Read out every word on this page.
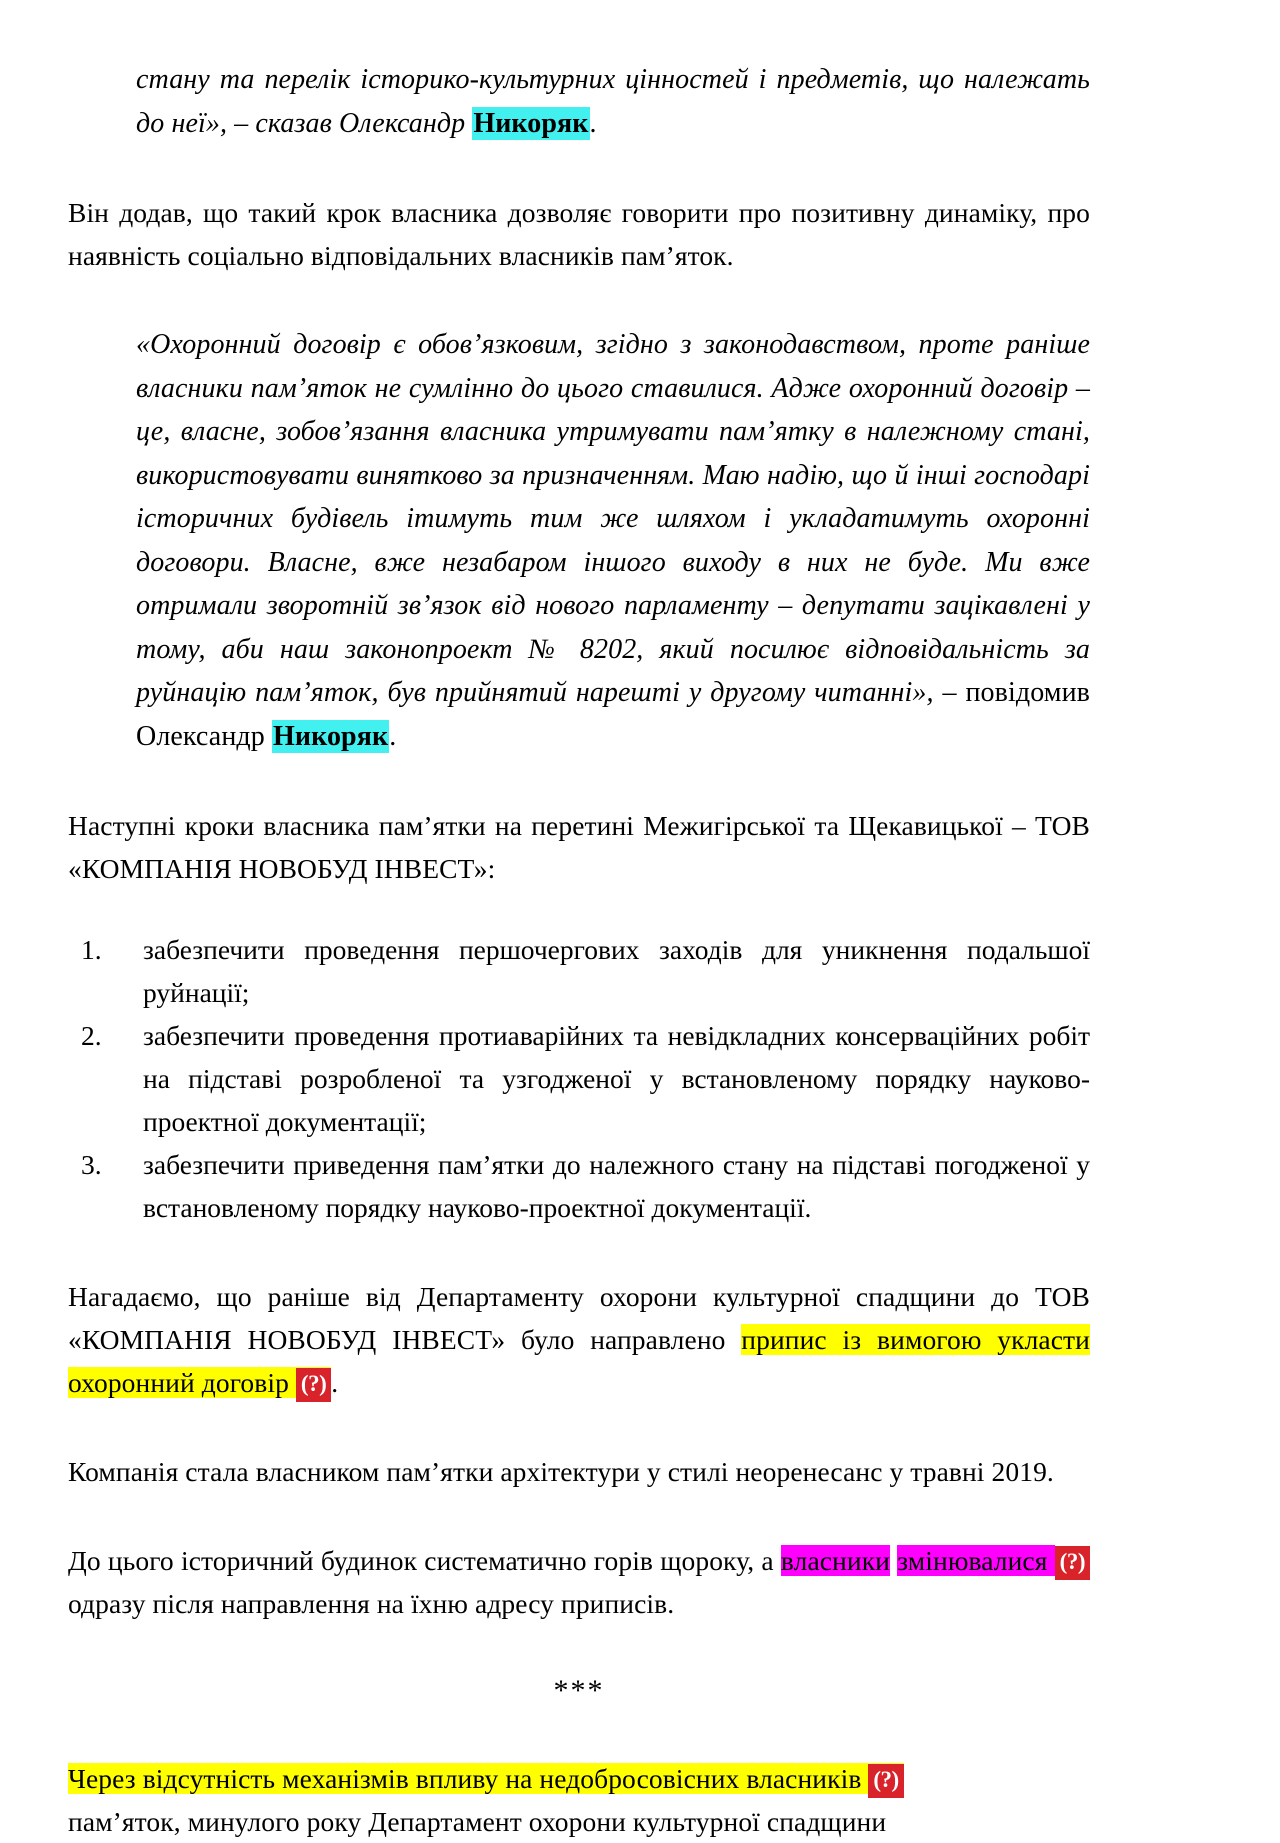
стану та перелік історико-культурних цінностей і предметів, що належать до неї», – сказав Олександр Никоряк.

Він додав, що такий крок власника дозволяє говорити про позитивну динаміку, про наявність соціально відповідальних власників пам’яток.

«Охоронний договір є обов’язковим, згідно з законодавством, проте раніше власники пам’яток не сумлінно до цього ставилися. Адже охоронний договір – це, власне, зобов’язання власника утримувати пам’ятку в належному стані, використовувати винятково за призначенням. Маю надію, що й інші господарі історичних будівель ітимуть тим же шляхом і укладатимуть охоронні договори. Власне, вже незабаром іншого виходу в них не буде. Ми вже отримали зворотній зв’язок від нового парламенту – депутати зацікавлені у тому, аби наш законопроект № 8202, який посилює відповідальність за руйнацію пам’яток, був прийнятий нарешті у другому читанні», – повідомив Олександр Никоряк.

Наступні кроки власника пам’ятки на перетині Межигірської та Щекавицької – ТОВ «КОМПАНІЯ НОВОБУД ІНВЕСТ»:

1.	забезпечити проведення першочергових заходів для уникнення подальшої руйнації;
2.	забезпечити проведення протиаварійних та невідкладних консерваційних робіт на підставі розробленої та узгодженої у встановленому порядку науково-проектної документації;
3.	забезпечити приведення пам’ятки до належного стану на підставі погодженої у встановленому порядку науково-проектної документації.

Нагадаємо, що раніше від Департаменту охорони культурної спадщини до ТОВ «КОМПАНІЯ НОВОБУД ІНВЕСТ» було направлено припис із вимогою укласти охоронний договір (?) .

Компанія стала власником пам’ятки архітектури у стилі неоренесанс у травні 2019.

До цього історичний будинок систематично горів щороку, а власники змінювалися (?) одразу після направлення на їхню адресу приписів.

***

Через відсутність механізмів впливу на недобросовісних власників (?)
пам’яток, минулого року Департамент охорони культурної спадщини
